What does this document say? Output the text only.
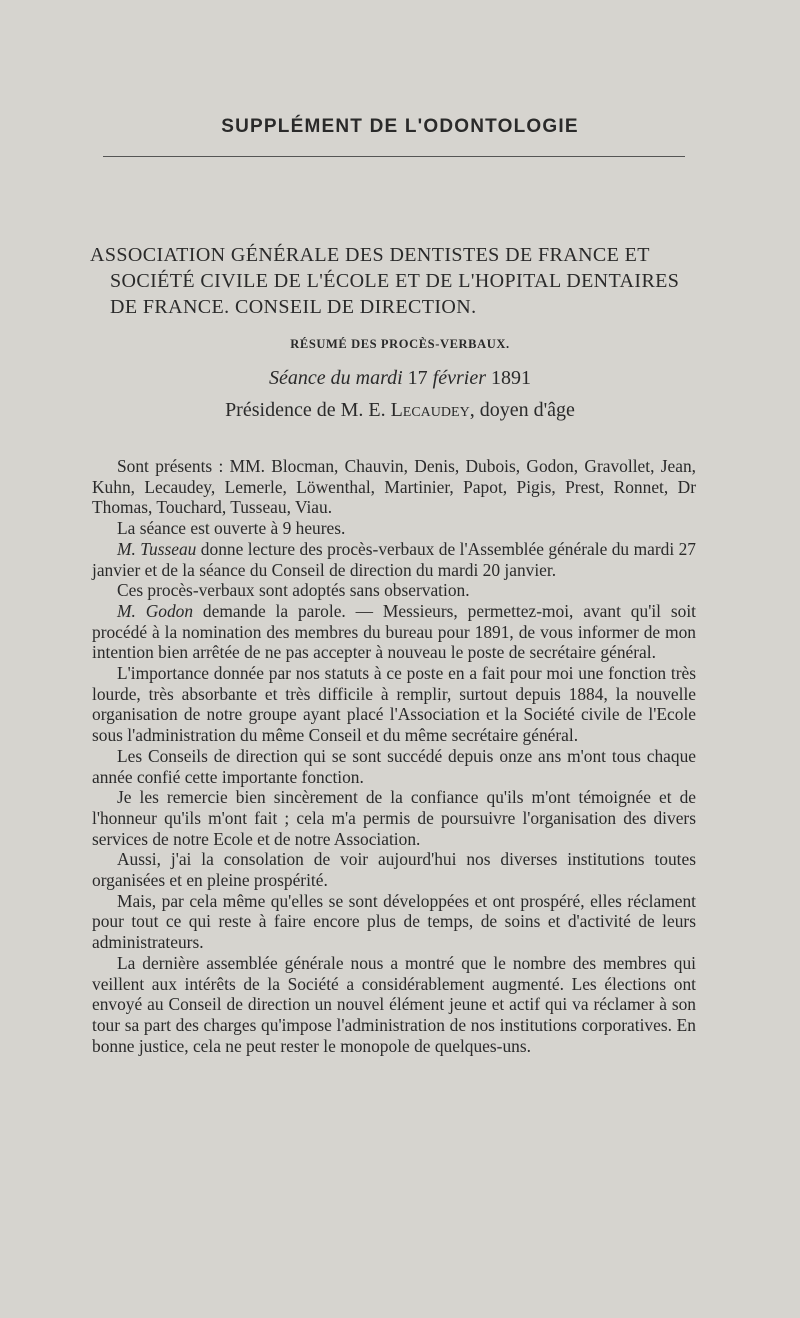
SUPPLÉMENT DE L'ODONTOLOGIE
ASSOCIATION GÉNÉRALE DES DENTISTES DE FRANCE ET
SOCIÉTÉ CIVILE DE L'ÉCOLE ET DE L'HOPITAL DENTAIRES
DE FRANCE. CONSEIL DE DIRECTION.
RÉSUMÉ DES PROCÈS-VERBAUX.
Séance du mardi 17 février 1891
Présidence de M. E. Lecaudey, doyen d'âge

Sont présents : MM. Blocman, Chauvin, Denis, Dubois, Godon, Gravollet, Jean, Kuhn, Lecaudey, Lemerle, Löwenthal, Martinier, Papot, Pigis, Prest, Ronnet, Dr Thomas, Touchard, Tusseau, Viau.

La séance est ouverte à 9 heures.

M. Tusseau donne lecture des procès-verbaux de l'Assemblée générale du mardi 27 janvier et de la séance du Conseil de direction du mardi 20 janvier.

Ces procès-verbaux sont adoptés sans observation.

M. Godon demande la parole. — Messieurs, permettez-moi, avant qu'il soit procédé à la nomination des membres du bureau pour 1891, de vous informer de mon intention bien arrêtée de ne pas accepter à nouveau le poste de secrétaire général.

L'importance donnée par nos statuts à ce poste en a fait pour moi une fonction très lourde, très absorbante et très difficile à remplir, surtout depuis 1884, la nouvelle organisation de notre groupe ayant placé l'Association et la Société civile de l'Ecole sous l'administration du même Conseil et du même secrétaire général.

Les Conseils de direction qui se sont succédé depuis onze ans m'ont tous chaque année confié cette importante fonction.

Je les remercie bien sincèrement de la confiance qu'ils m'ont témoignée et de l'honneur qu'ils m'ont fait ; cela m'a permis de poursuivre l'organisation des divers services de notre Ecole et de notre Association.

Aussi, j'ai la consolation de voir aujourd'hui nos diverses institutions toutes organisées et en pleine prospérité.

Mais, par cela même qu'elles se sont développées et ont prospéré, elles réclament pour tout ce qui reste à faire encore plus de temps, de soins et d'activité de leurs administrateurs.

La dernière assemblée générale nous a montré que le nombre des membres qui veillent aux intérêts de la Société a considérablement augmenté. Les élections ont envoyé au Conseil de direction un nouvel élément jeune et actif qui va réclamer à son tour sa part des charges qu'impose l'administration de nos institutions corporatives. En bonne justice, cela ne peut rester le monopole de quelques-uns.
